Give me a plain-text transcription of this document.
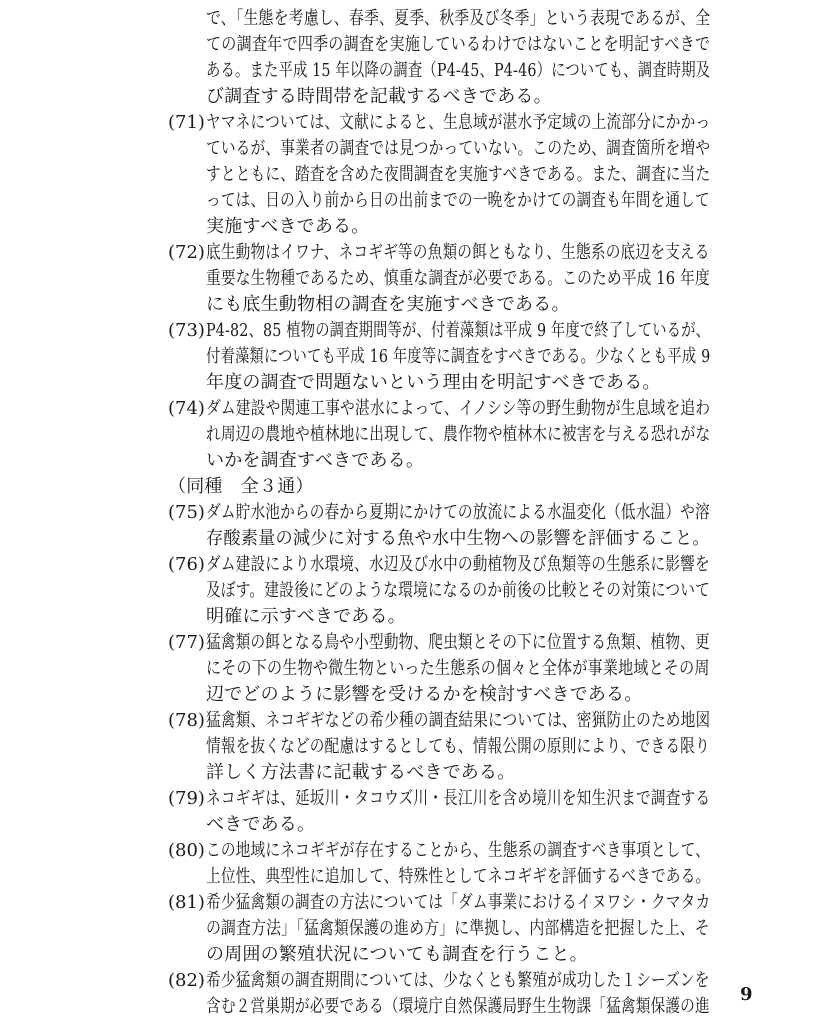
で、「生態を考慮し、春季、夏季、秋季及び冬季」という表現であるが、全
ての調査年で四季の調査を実施しているわけではないことを明記すべきで
ある。また平成 15 年以降の調査（P4-45、P4-46）についても、調査時期及
び調査する時間帯を記載するべきである。
(71) ヤマネについては、文献によると、生息域が湛水予定域の上流部分にかかっ
ているが、事業者の調査では見つかっていない。このため、調査箇所を増や
すとともに、踏査を含めた夜間調査を実施すべきである。また、調査に当た
っては、日の入り前から日の出前までの一晩をかけての調査も年間を通して
実施すべきである。
(72) 底生動物はイワナ、ネコギギ等の魚類の餌ともなり、生態系の底辺を支える
重要な生物種であるため、慎重な調査が必要である。このため平成 16 年度
にも底生動物相の調査を実施すべきである。
(73) P4-82、85 植物の調査期間等が、付着藻類は平成 9 年度で終了しているが、
付着藻類についても平成 16 年度等に調査をすべきである。少なくとも平成 9
年度の調査で問題ないという理由を明記すべきである。
(74) ダム建設や関連工事や湛水によって、イノシシ等の野生動物が生息域を追わ
れ周辺の農地や植林地に出現して、農作物や植林木に被害を与える恐れがな
いかを調査すべきである。
（同種　全３通）
(75) ダム貯水池からの春から夏期にかけての放流による水温変化（低水温）や溶
存酸素量の減少に対する魚や水中生物への影響を評価すること。
(76) ダム建設により水環境、水辺及び水中の動植物及び魚類等の生態系に影響を
及ぼす。建設後にどのような環境になるのか前後の比較とその対策について
明確に示すべきである。
(77) 猛禽類の餌となる鳥や小型動物、爬虫類とその下に位置する魚類、植物、更
にその下の生物や微生物といった生態系の個々と全体が事業地域とその周
辺でどのように影響を受けるかを検討すべきである。
(78) 猛禽類、ネコギギなどの希少種の調査結果については、密猟防止のため地図
情報を抜くなどの配慮はするとしても、情報公開の原則により、できる限り
詳しく方法書に記載するべきである。
(79) ネコギギは、延坂川・タコウズ川・長江川を含め境川を知生沢まで調査する
べきである。
(80) この地域にネコギギが存在することから、生態系の調査すべき事項として、
上位性、典型性に追加して、特殊性としてネコギギを評価するべきである。
(81) 希少猛禽類の調査の方法については「ダム事業におけるイヌワシ・クマタカ
の調査方法」「猛禽類保護の進め方」に準拠し、内部構造を把握した上、そ
の周囲の繁殖状況についても調査を行うこと。
(82) 希少猛禽類の調査期間については、少なくとも繁殖が成功した１シーズンを
含む２営巣期が必要である（環境庁自然保護局野生生物課「猛禽類保護の進
9
